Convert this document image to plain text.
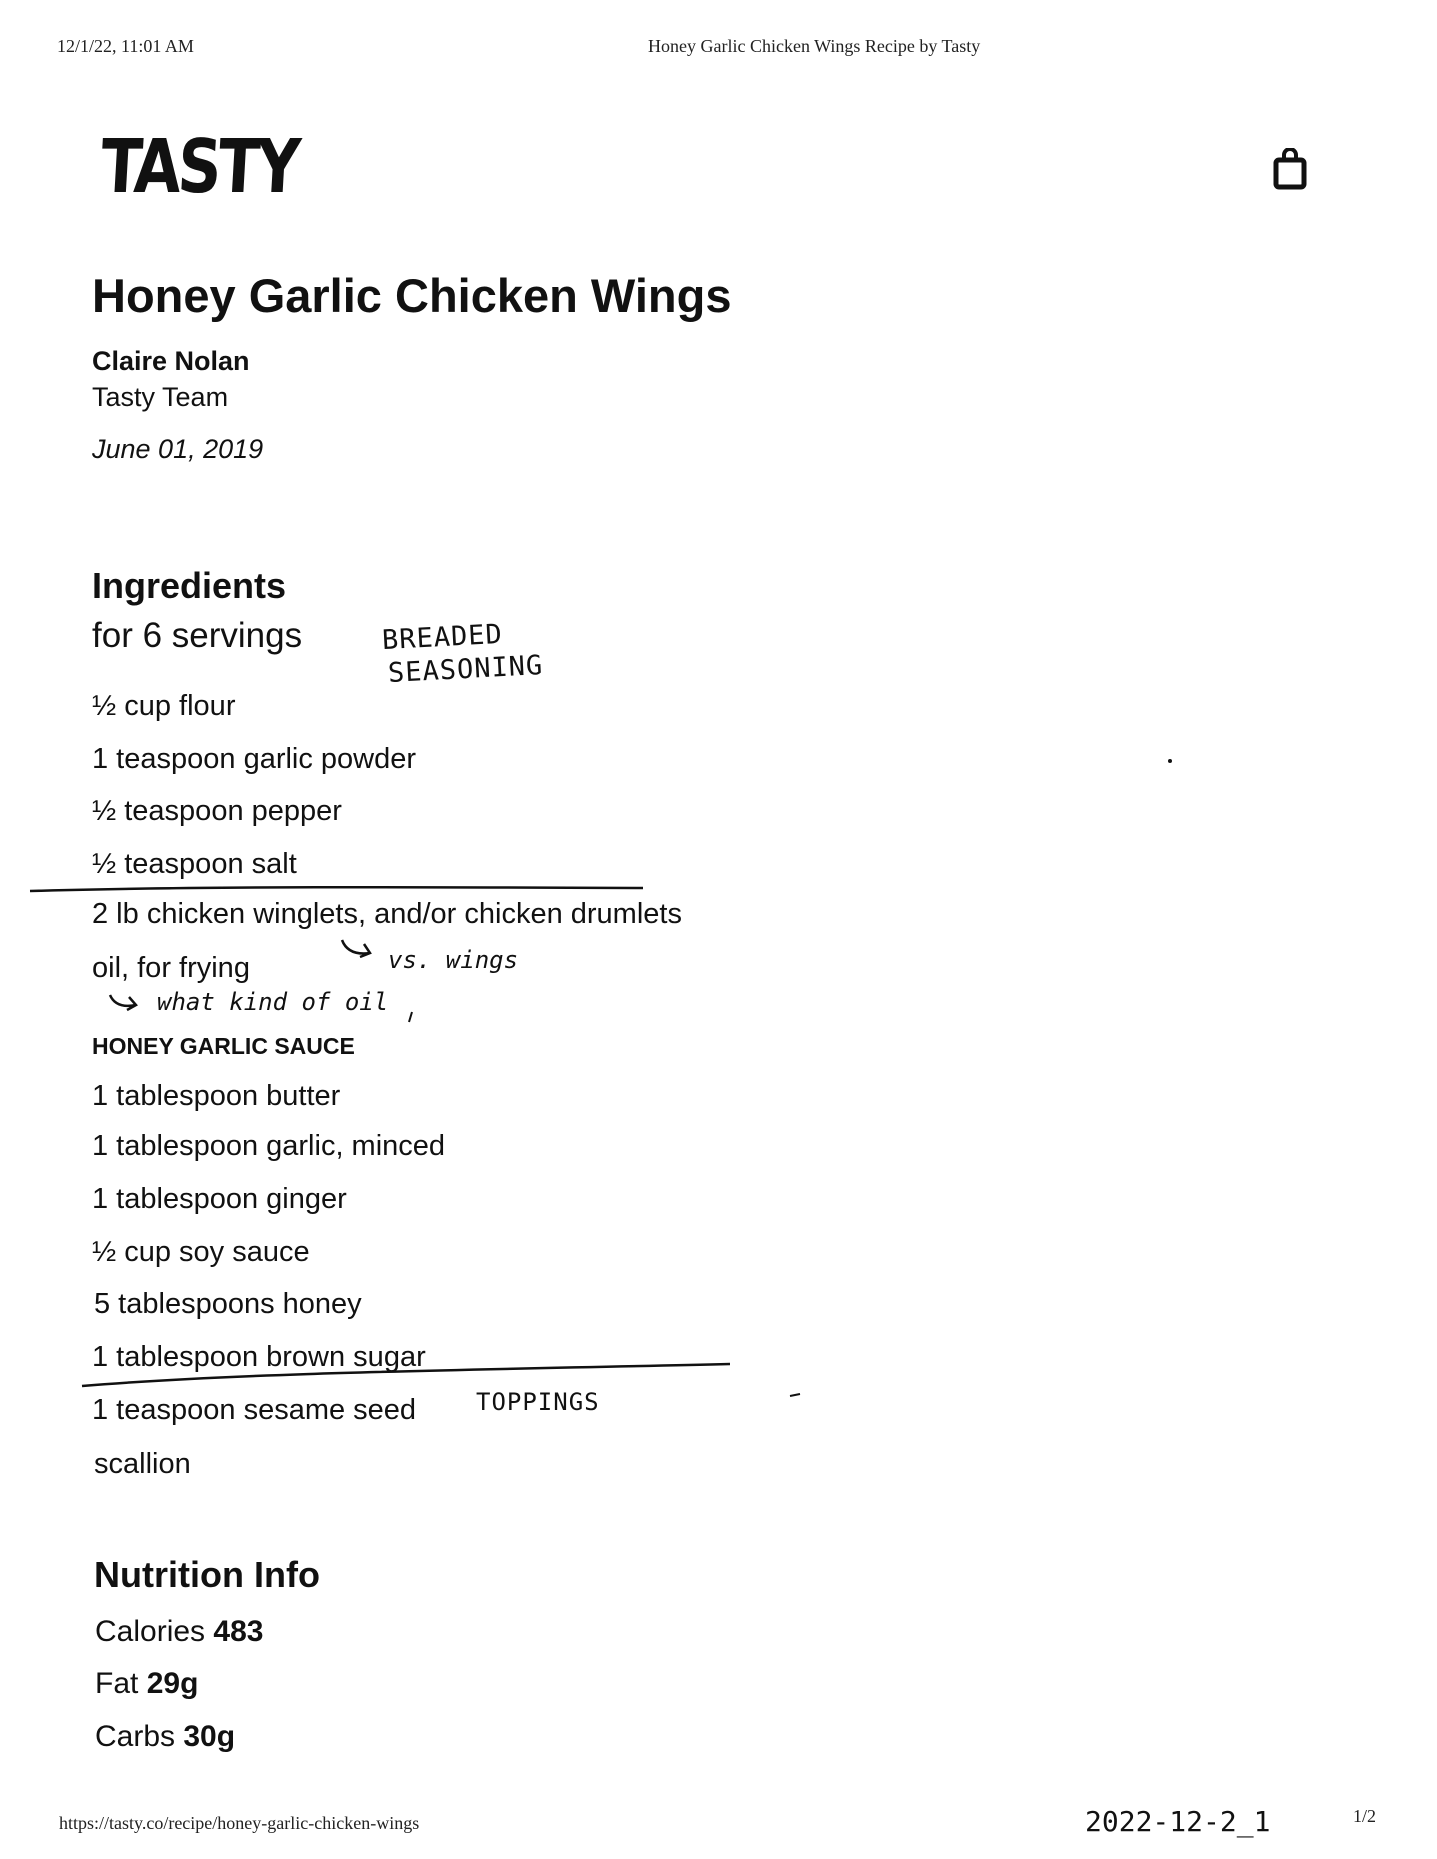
12/1/22, 11:01 AM	Honey Garlic Chicken Wings Recipe by Tasty
TASTY
Honey Garlic Chicken Wings
Claire Nolan
Tasty Team
June 01, 2019
Ingredients
for 6 servings
½ cup flour
1 teaspoon garlic powder
½ teaspoon pepper
½ teaspoon salt
2 lb chicken winglets, and/or chicken drumlets
oil, for frying
HONEY GARLIC SAUCE
1 tablespoon butter
1 tablespoon garlic, minced
1 tablespoon ginger
½ cup soy sauce
5 tablespoons honey
1 tablespoon brown sugar
1 teaspoon sesame seed
scallion
Nutrition Info
Calories 483
Fat 29g
Carbs 30g
BREADED
SEASONING
vs. wings
what kind of oil
TOPPINGS
2022-12-2_1
https://tasty.co/recipe/honey-garlic-chicken-wings	1/2
